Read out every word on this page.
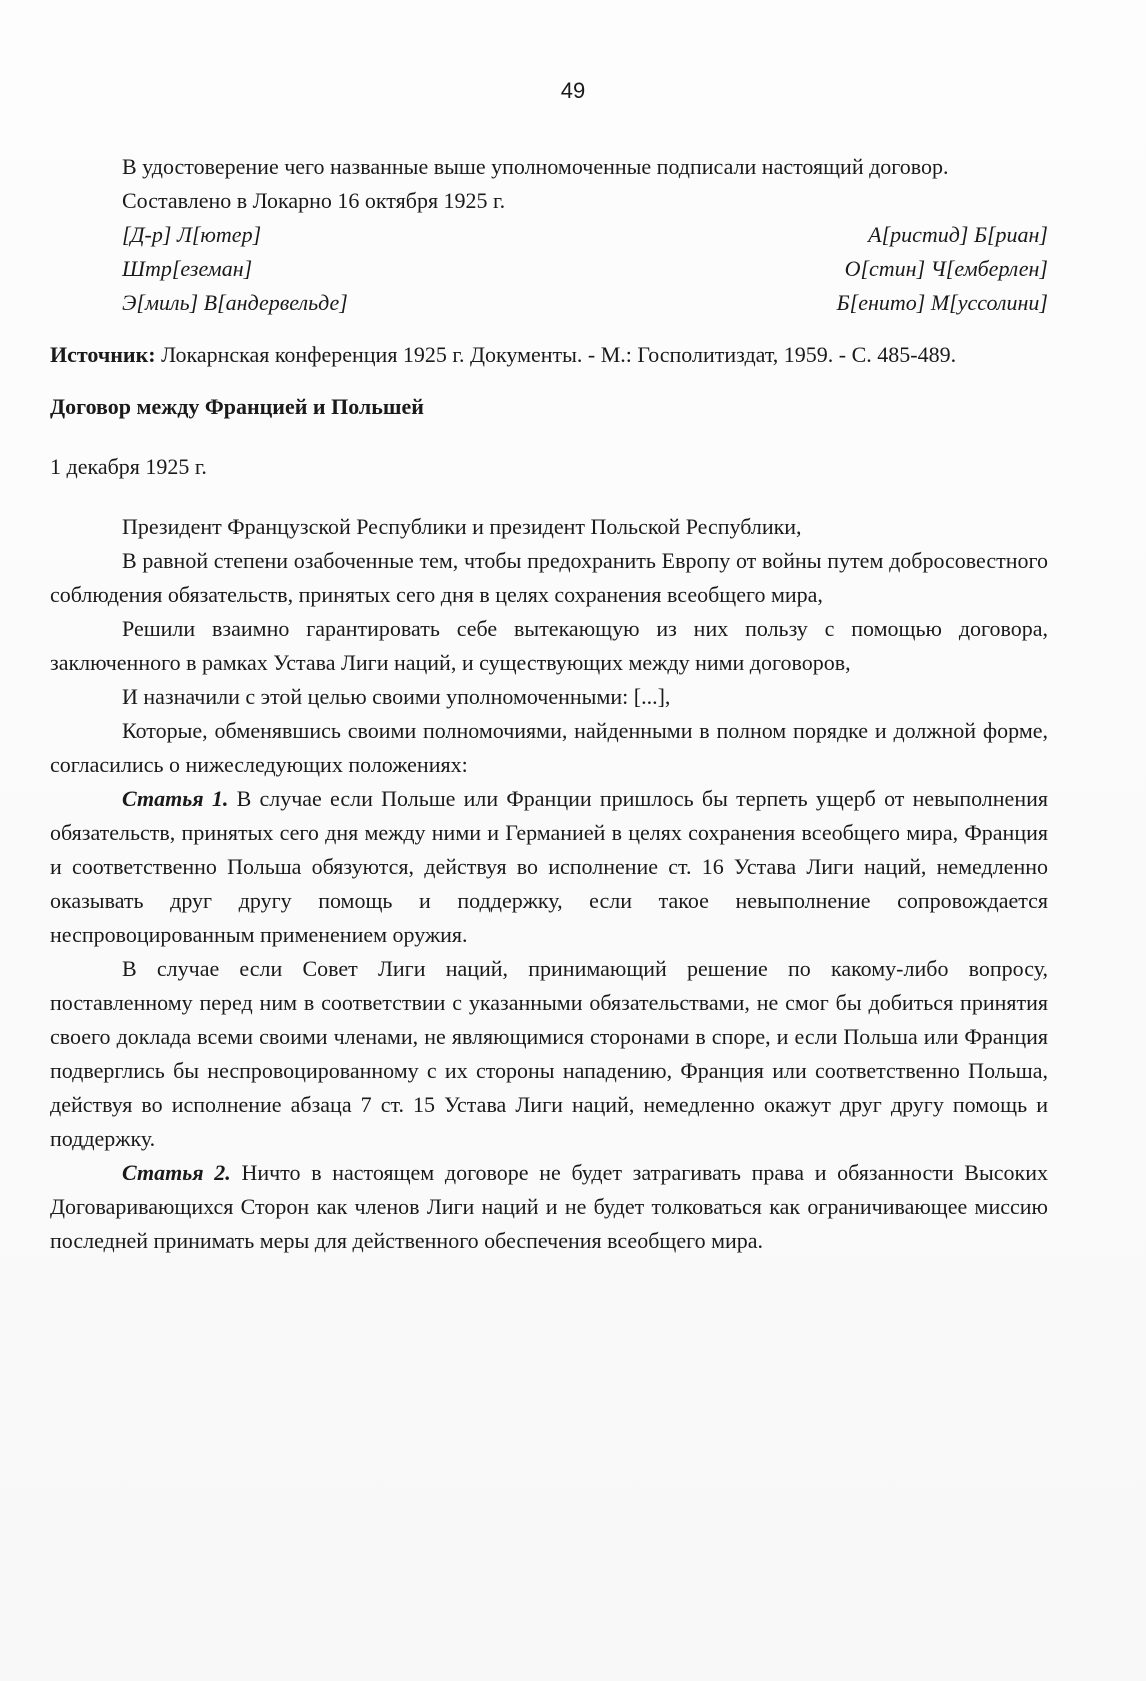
49

В удостоверение чего названные выше уполномоченные подписали настоящий договор.

Составлено в Локарно 16 октября 1925 г.

[Д-р] Л[ютер]	А[ристид] Б[риан]
Штр[еземан]	О[стин] Ч[емберлен]
Э[миль] В[андервельде]	Б[енито] М[уссолини]

Источник: Локарнская конференция 1925 г. Документы. - М.: Госполитиздат, 1959. - С. 485-489.

Договор между Францией и Польшей

1 декабря 1925 г.

Президент Французской Республики и президент Польской Республики,

В равной степени озабоченные тем, чтобы предохранить Европу от войны путем добросовестного соблюдения обязательств, принятых сего дня в целях сохранения всеобщего мира,

Решили взаимно гарантировать себе вытекающую из них пользу с помощью договора, заключенного в рамках Устава Лиги наций, и существующих между ними договоров,

И назначили с этой целью своими уполномоченными: [...],

Которые, обменявшись своими полномочиями, найденными в полном порядке и должной форме, согласились о нижеследующих положениях:

Статья 1. В случае если Польше или Франции пришлось бы терпеть ущерб от невыполнения обязательств, принятых сего дня между ними и Германией в целях сохранения всеобщего мира, Франция и соответственно Польша обязуются, действуя во исполнение ст. 16 Устава Лиги наций, немедленно оказывать друг другу помощь и поддержку, если такое невыполнение сопровождается неспровоцированным применением оружия.

В случае если Совет Лиги наций, принимающий решение по какому-либо вопросу, поставленному перед ним в соответствии с указанными обязательствами, не смог бы добиться принятия своего доклада всеми своими членами, не являющимися сторонами в споре, и если Польша или Франция подверглись бы неспровоцированному с их стороны нападению, Франция или соответственно Польша, действуя во исполнение абзаца 7 ст. 15 Устава Лиги наций, немедленно окажут друг другу помощь и поддержку.

Статья 2. Ничто в настоящем договоре не будет затрагивать права и обязанности Высоких Договаривающихся Сторон как членов Лиги наций и не будет толковаться как ограничивающее миссию последней принимать меры для действенного обеспечения всеобщего мира.
